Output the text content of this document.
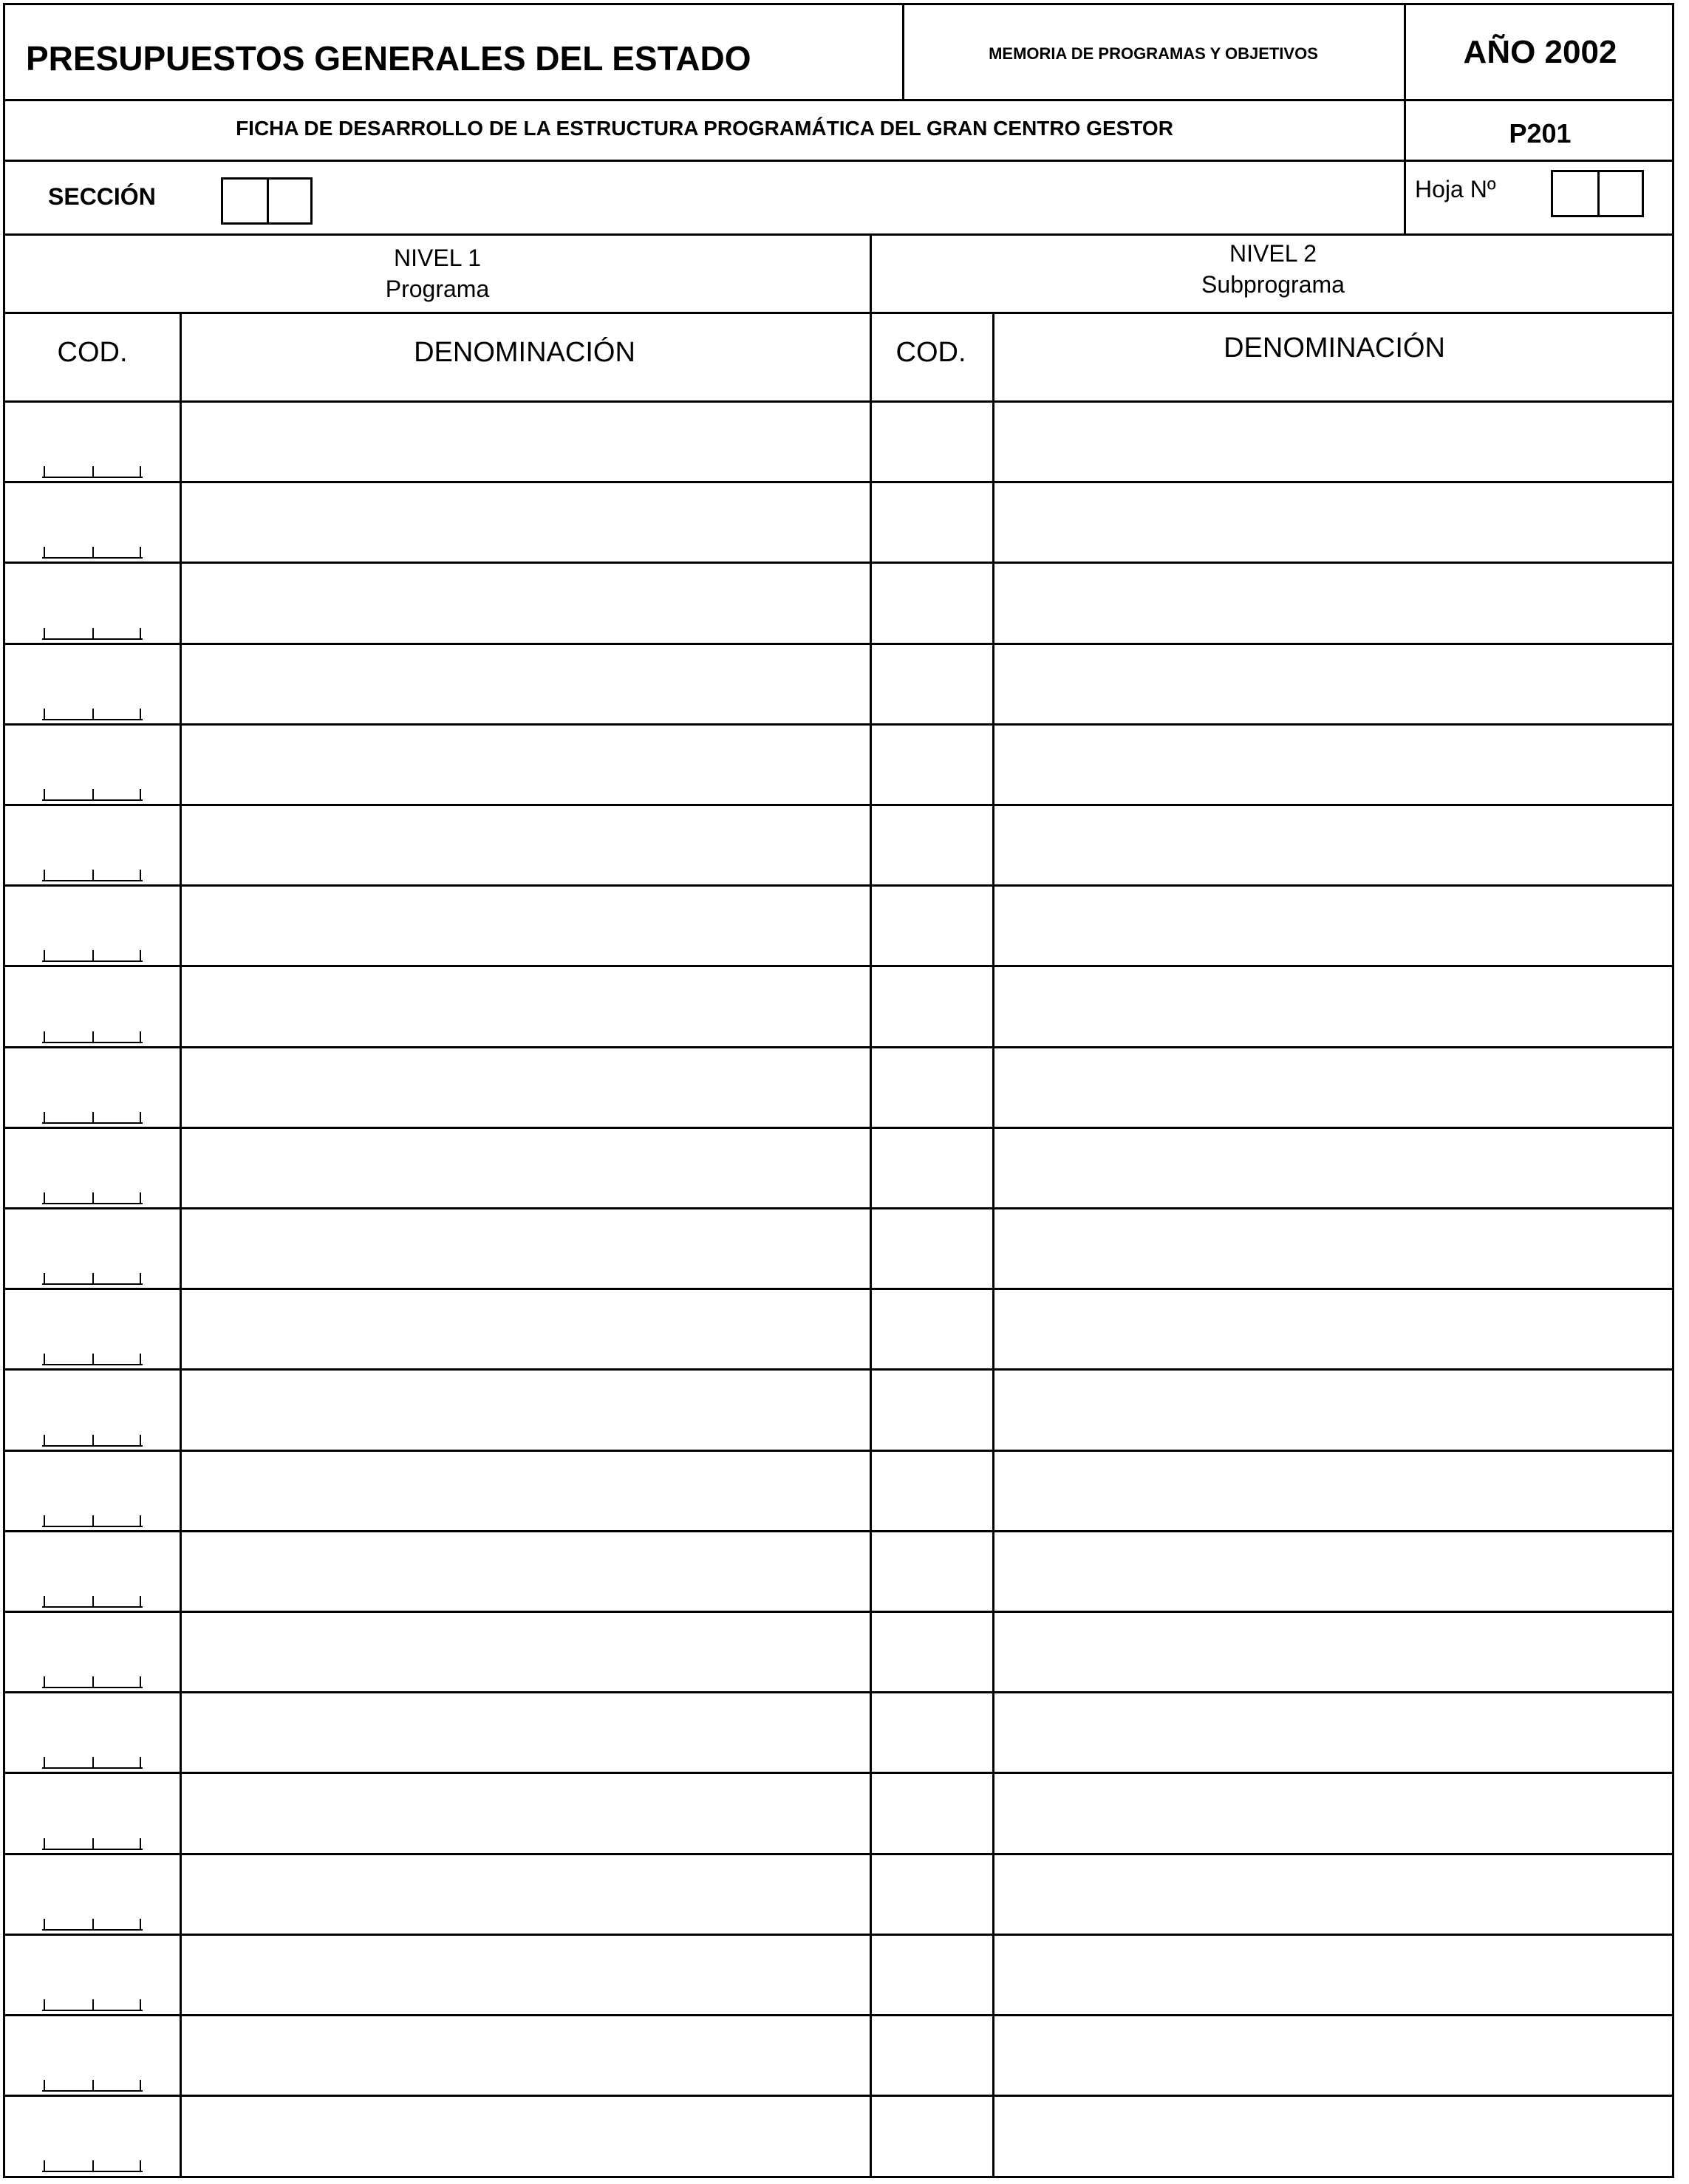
PRESUPUESTOS GENERALES DEL ESTADO	MEMORIA DE PROGRAMAS Y OBJETIVOS	AÑO 2002
FICHA DE DESARROLLO DE LA ESTRUCTURA PROGRAMÁTICA DEL GRAN CENTRO GESTOR	P201
SECCIÓN	Hoja Nº
NIVEL 1
Programa
NIVEL 2
Subprograma
COD.	DENOMINACIÓN	COD.	DENOMINACIÓN
